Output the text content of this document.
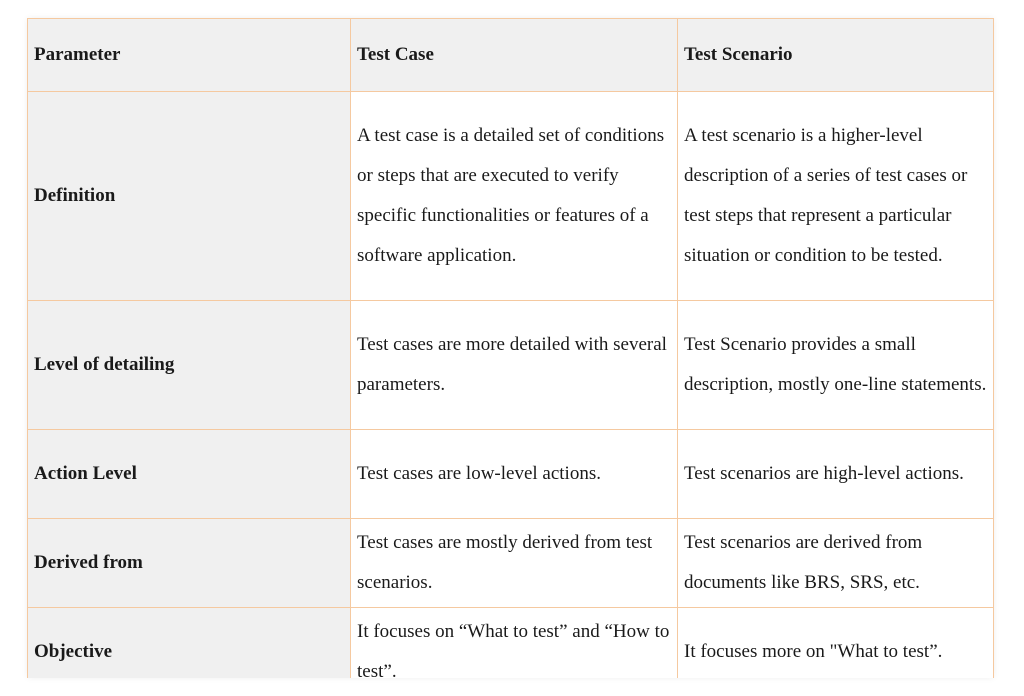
Parameter	Test Case	Test Scenario
Definition	A test case is a detailed set of conditions or steps that are executed to verify specific functionalities or features of a software application.	A test scenario is a higher-level description of a series of test cases or test steps that represent a particular situation or condition to be tested.
Level of detailing	Test cases are more detailed with several parameters.	Test Scenario provides a small description, mostly one-line statements.
Action Level	Test cases are low-level actions.	Test scenarios are high-level actions.
Derived from	Test cases are mostly derived from test scenarios.	Test scenarios are derived from documents like BRS, SRS, etc.
Objective	It focuses on “What to test” and “How to test”.	It focuses more on "What to test”.
